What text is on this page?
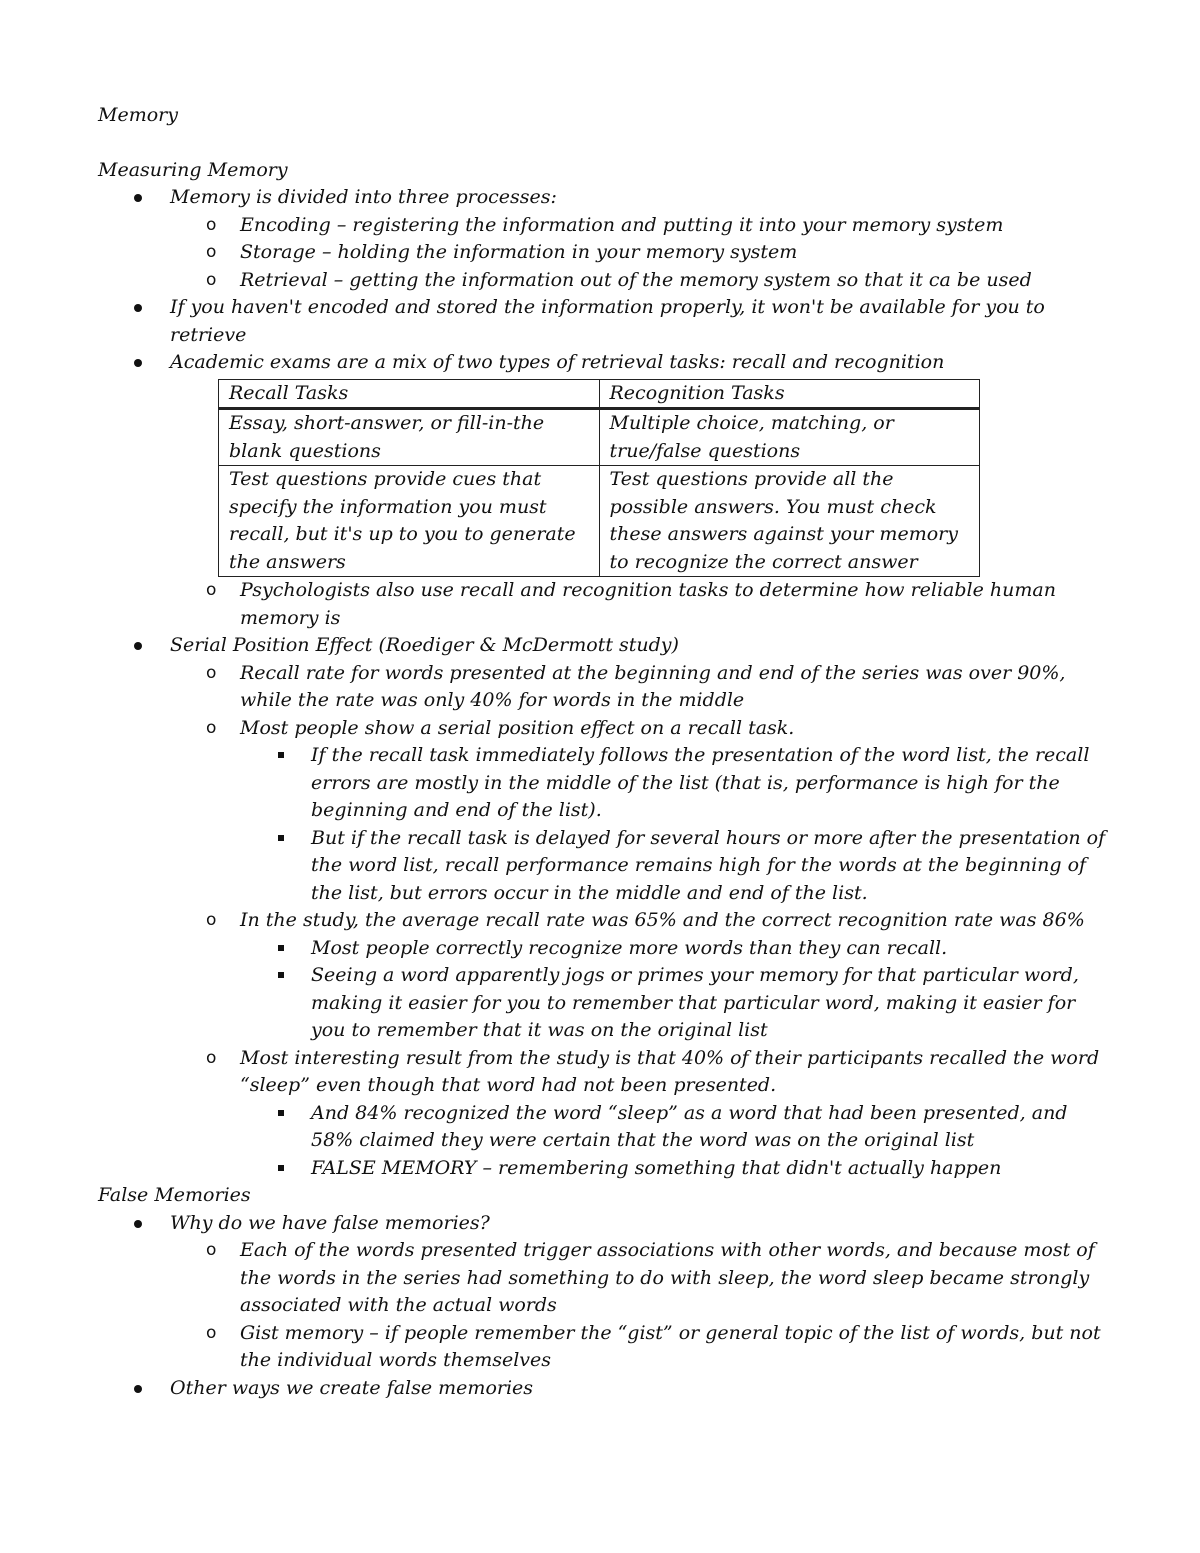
Memory
Measuring Memory
Memory is divided into three processes:
o Encoding – registering the information and putting it into your memory system
o Storage – holding the information in your memory system
o Retrieval – getting the information out of the memory system so that it ca be used
If you haven't encoded and stored the information properly, it won't be available for you to retrieve
Academic exams are a mix of two types of retrieval tasks: recall and recognition
Recall Tasks	Recognition Tasks
Essay, short-answer, or fill-in-the blank questions	Multiple choice, matching, or true/false questions
Test questions provide cues that specify the information you must recall, but it's up to you to generate the answers	Test questions provide all the possible answers. You must check these answers against your memory to recognize the correct answer
o Psychologists also use recall and recognition tasks to determine how reliable human memory is
Serial Position Effect (Roediger & McDermott study)
o Recall rate for words presented at the beginning and end of the series was over 90%, while the rate was only 40% for words in the middle
o Most people show a serial position effect on a recall task.
If the recall task immediately follows the presentation of the word list, the recall errors are mostly in the middle of the list (that is, performance is high for the beginning and end of the list).
But if the recall task is delayed for several hours or more after the presentation of the word list, recall performance remains high for the words at the beginning of the list, but errors occur in the middle and end of the list.
o In the study, the average recall rate was 65% and the correct recognition rate was 86%
Most people correctly recognize more words than they can recall.
Seeing a word apparently jogs or primes your memory for that particular word, making it easier for you to remember that particular word, making it easier for you to remember that it was on the original list
o Most interesting result from the study is that 40% of their participants recalled the word “sleep” even though that word had not been presented.
And 84% recognized the word “sleep” as a word that had been presented, and 58% claimed they were certain that the word was on the original list
FALSE MEMORY – remembering something that didn't actually happen
False Memories
Why do we have false memories?
o Each of the words presented trigger associations with other words, and because most of the words in the series had something to do with sleep, the word sleep became strongly associated with the actual words
o Gist memory – if people remember the “gist” or general topic of the list of words, but not the individual words themselves
Other ways we create false memories
